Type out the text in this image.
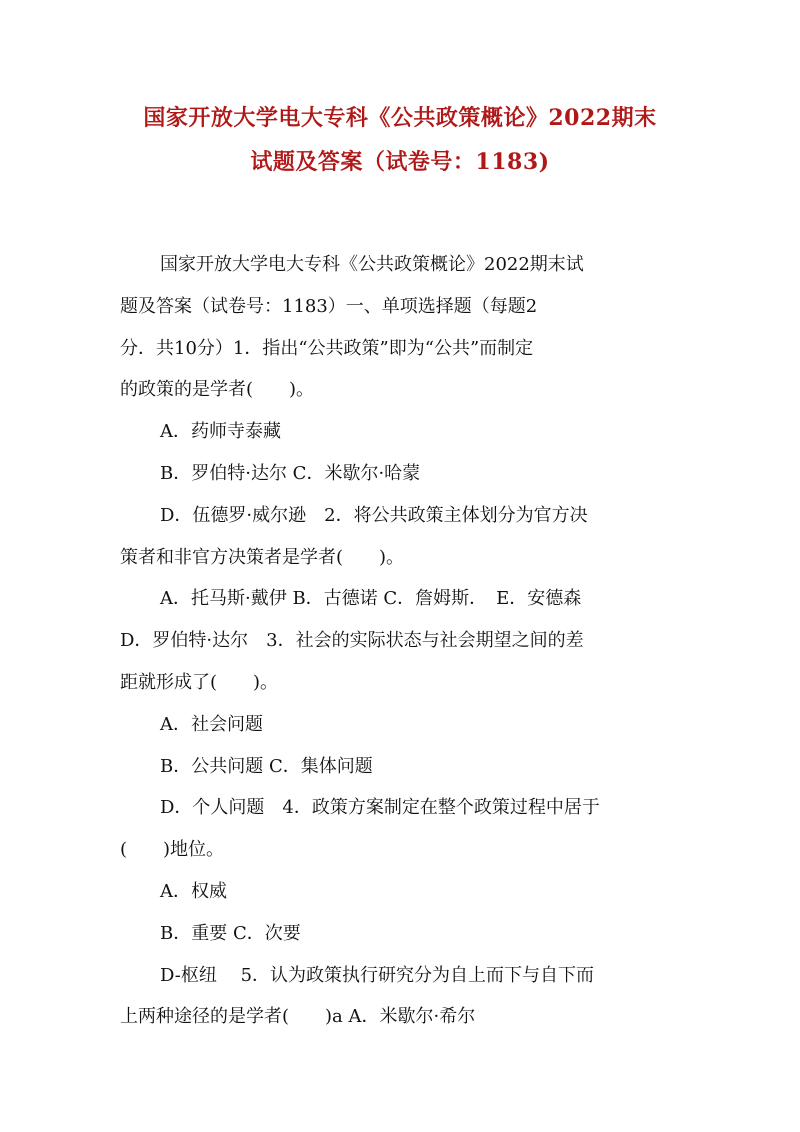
国家开放大学电大专科《公共政策概论》2022期末
试题及答案（试卷号：1183)
国家开放大学电大专科《公共政策概论》2022期末试
题及答案（试卷号：1183）一、单项选择题（每题2
分．共10分）1．指出“公共政策”即为“公共”而制定
的政策的是学者(　　)。
A．药师寺泰藏
B．罗伯特·达尔 C．米歇尔·哈蒙
D．伍德罗·威尔逊　2．将公共政策主体划分为官方决
策者和非官方决策者是学者(　　)。
A．托马斯·戴伊 B．古德诺 C．詹姆斯．　E．安德森
D．罗伯特·达尔　3．社会的实际状态与社会期望之间的差
距就形成了(　　)。
A．社会问题
B．公共问题 C．集体问题
D．个人问题　4．政策方案制定在整个政策过程中居于
(　　)地位。
A．权威
B．重要 C．次要
D-枢纽　 5．认为政策执行研究分为自上而下与自下而
上两种途径的是学者(　　)a A．米歇尔·希尔
